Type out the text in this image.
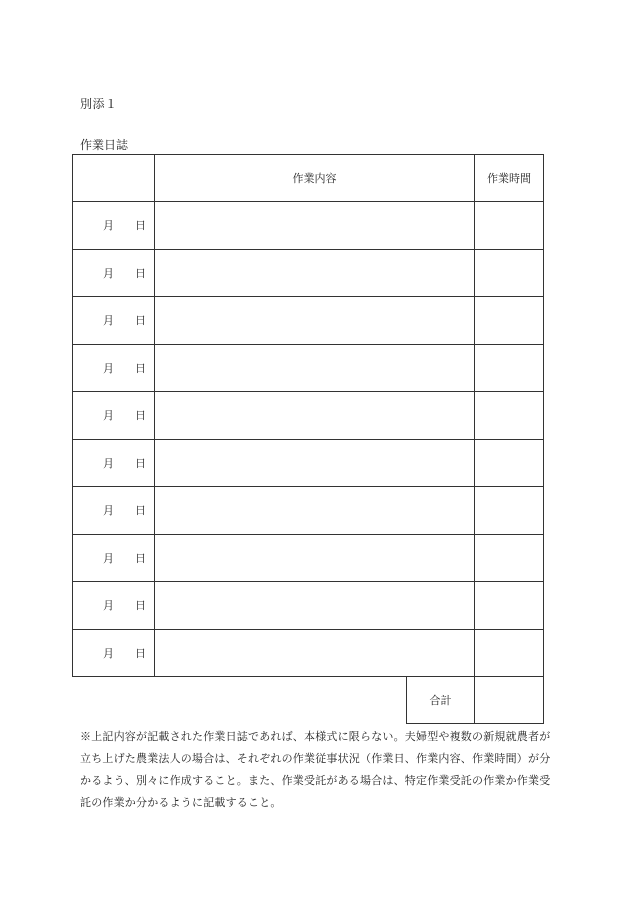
別添１
作業日誌
	作業内容		作業時間

月 日			

月 日			

月 日			

月 日			

月 日			

月 日			

月 日			

月 日			

月 日			

月 日			

		合計	
※上記内容が記載された作業日誌であれば、本様式に限らない。夫婦型や複数の新規就農者が立ち上げた農業法人の場合は、それぞれの作業従事状況（作業日、作業内容、作業時間）が分かるよう、別々に作成すること。また、作業受託がある場合は、特定作業受託の作業か作業受託の作業か分かるように記載すること。
